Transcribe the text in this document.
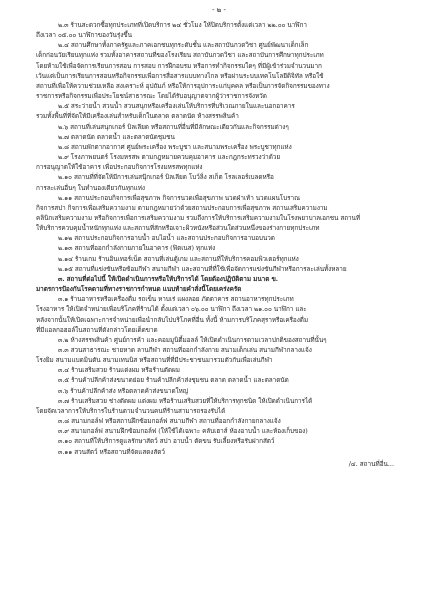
- ๒ -
๒.๓ ร้านสะดวกซื้อทุกประเภทที่เปิดบริการ ๒๔ ชั่วโมง ให้ปิดบริการตั้งแต่เวลา ๒๒.๐๐ นาฬิกา
ถึงเวลา ๐๕.๐๐ นาฬิกาของวันรุ่งขึ้น
๒.๔ สถานศึกษาทั้งภาครัฐและภาคเอกชนทุกระดับชั้น และสถาบันกวดวิชา ศูนย์พัฒนาเด็กเล็ก
เด็กก่อนวัยเรียนทุกแห่ง รวมทั้งอาคารสถานที่ของโรงเรียน สถาบันกวดวิชา และสถาบันการศึกษาทุกประเภท
โดยห้ามใช้เพื่อจัดการเรียนการสอน การสอบ การฝึกอบรม หรือการทำกิจกรรมใดๆ ที่มีผู้เข้าร่วมจำนวนมาก
เว้นแต่เป็นการเรียนการสอนหรือกิจกรรมเพื่อการสื่อสารแบบทางไกล หรือผ่านระบบเทคโนโลยีดิจิทัล หรือใช้
สถานที่เพื่อให้ความช่วยเหลือ สงเคราะห์ อุปถัมภ์ หรือให้การอุปการะแก่บุคคล หรือเป็นการจัดกิจกรรมของทาง
ราชการหรือกิจกรรมเพื่อประโยชน์สาธารณะ โดยได้รับอนุญาตจากผู้ว่าราชการจังหวัด
๒.๕ สระว่ายน้ำ สวนน้ำ สวนสนุกหรือเครื่องเล่นให้บริการที่บริเวณภายในและนอกอาคาร
รวมทั้งพื้นที่ที่จัดให้มีเครื่องเล่นสำหรับเด็กในตลาด ตลาดนัด ห้างสรรพสินค้า
๒.๖ สถานที่เล่นสนุกเกอร์ บิลเลียด หรือสถานที่อื่นที่มีลักษณะเดียวกันและกิจกรรมต่างๆ
๒.๗ ตลาดนัด ตลาดน้ำ และตลาดนัดชุมชน
๒.๘ สถานพักตากอากาศ ศูนย์พระเครื่อง พระบูชา และสนามพระเครื่อง พระบูชาทุกแห่ง
๒.๙ โรงภาพยนตร์ โรงมหรสพ ตามกฎหมายควบคุมอาคาร และกฎกระทรวงว่าด้วย
การอนุญาตให้ใช้อาคาร เพื่อประกอบกิจการโรงมหรสพทุกแห่ง
๒.๑๐ สถานที่ที่จัดให้มีการเล่นสนุ๊กเกอร์ บิลเลียด โบว์ลิ่ง สเก็ต โรลเลอร์เบลดหรือ
การละเล่นอื่นๆ ในทำนองเดียวกันทุกแห่ง
๒.๑๑ สถานประกอบกิจการเพื่อสุขภาพ กิจการนวดเพื่อสุขภาพ นวดฝ่าเท้า นวดแผนโบราณ
กิจการสปา กิจการเพื่อเสริมความงาม ตามกฎหมายว่าด้วยสถานประกอบการเพื่อสุขภาพ สถานเสริมความงาม
คลินิกเสริมความงาม หรือกิจการเพื่อการเสริมความงาม รวมถึงการให้บริการเสริมความงามในโรงพยาบาลเอกชน สถานที่
ให้บริการควบคุมน้ำหนักทุกแห่ง และสถานที่สักหรือเจาะผิวหนังหรือส่วนใดส่วนหนึ่งของร่างกายทุกประเภท
๒.๑๒ สถานประกอบกิจการอาบน้ำ อบไอน้ำ และสถานประกอบกิจการอาบอบนวด
๒.๑๓ สถานที่ออกกำลังกายภายในอาคาร (ฟิตเนส) ทุกแห่ง
๒.๑๔ ร้านเกม ร้านอินเทอร์เน็ต สถานที่เล่นตู้เกม และสถานที่ให้บริการคอมพิวเตอร์ทุกแห่ง
๒.๑๕ สถานที่แข่งขันหรือซ้อมกีฬา สนามกีฬา และสถานที่ที่ใช้เพื่อจัดการแข่งขันกีฬาหรือการละเล่นทั้งหลาย
๓. สถานที่ต่อไปนี้ ให้เปิดดำเนินการหรือให้บริการได้ โดยต้องปฏิบัติตาม มนาต ข.
มาตรการป้องกันโรคตามที่ทางราชการกำหนด แนบท้ายคำสั่งนี้โดยเคร่งครัด
๓.๑ ร้านอาหารหรือเครื่องดื่ม รถเข็น หาบเร่ แผงลอย ภัตตาคาร สถานอาหารทุกประเภท
โรงอาหาร ให้เปิดจำหน่ายเพื่อบริโภคที่ร้านได้ ตั้งแต่เวลา ๐๖.๐๐ นาฬิกา ถึงเวลา ๒๑.๐๐ นาฬิกา และ
หลังจากนั้นให้เปิดเฉพาะการจำหน่ายเพื่อนำกลับไปบริโภคที่อื่น ทั้งนี้ ห้ามการบริโภคสุราหรือเครื่องดื่ม
ที่มีแอลกอฮอล์ในสถานที่ดังกล่าวโดยเด็ดขาด
๓.๒ ห้างสรรพสินค้า ศูนย์การค้า และคอมมูนิตี้มอลล์ ให้เปิดดำเนินการตามเวลาปกติของสถานที่นั้นๆ
๓.๓ สวนสาธารณะ ชายหาด ลานกีฬา สถานที่ออกกำลังกาย สนามเด็กเล่น สนามกีฬากลางแจ้ง
โรงยิม สนามแบดมินตัน สนามเทนนิส หรือสถานที่ที่มีประชาชนมารวมตัวกันเพื่อเล่นกีฬา
๓.๔ ร้านเสริมสวย ร้านแต่งผม หรือร้านตัดผม
๓.๕ ร้านค้าปลีกค้าส่งขนาดย่อย ร้านค้าปลีกค้าส่งชุมชน ตลาด ตลาดน้ำ และตลาดนัด
๓.๖ ร้านค้าปลีกค้าส่ง หรือตลาดค้าส่งขนาดใหญ่
๓.๗ ร้านเสริมสวย ช่างตัดผม แต่งผม หรือร้านเสริมสวยที่ให้บริการทุกชนิด ให้เปิดดำเนินการได้
โดยจัดเวลาการให้บริการในร้านตามจำนวนคนที่ร้านสามารถรองรับได้
๓.๘ สนามกอล์ฟ หรือสถานฝึกซ้อมกอล์ฟ สนามกีฬา สถานที่ออกกำลังกายกลางแจ้ง
๓.๙ สนามกอล์ฟ สนามฝึกซ้อมกอล์ฟ (ให้ใช้ได้เฉพาะ คลับเฮาส์ ห้องอาบน้ำ และห้องเก็บของ)
๓.๑๐ สถานที่ให้บริการดูแลรักษาสัตว์ สปา อาบน้ำ ตัดขน รับเลี้ยงหรือรับฝากสัตว์
๓.๑๑ สวนสัตว์ หรือสถานที่จัดแสดงสัตว์
/๔. สถานที่อื่น...
